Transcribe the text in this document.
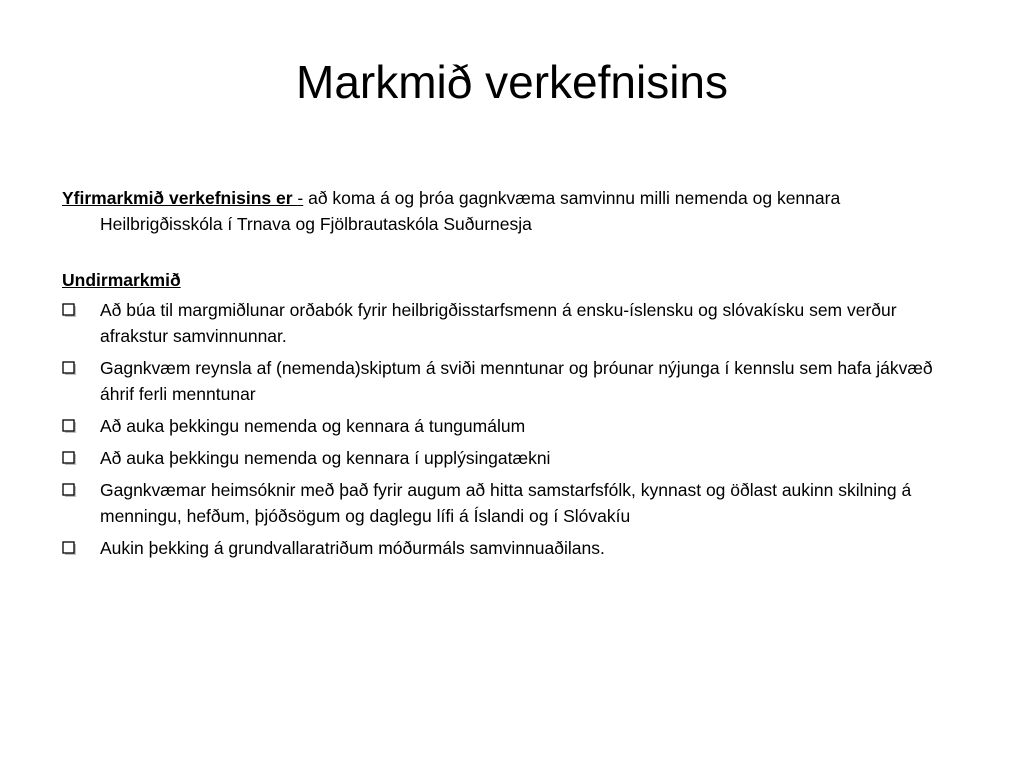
Markmið verkefnisins

Yfirmarkmið verkefnisins er - að koma á og þróa gagnkvæma samvinnu milli nemenda og kennara Heilbrigðisskóla í Trnava og Fjölbrautaskóla Suðurnesja

Undirmarkmið
Að búa til margmiðlunar orðabók fyrir heilbrigðisstarfsmenn á ensku-íslensku og slóvakísku sem verður afrakstur samvinnunnar.
Gagnkvæm reynsla af (nemenda)skiptum á sviði menntunar og þróunar nýjunga í kennslu sem hafa jákvæð áhrif ferli menntunar
Að auka þekkingu nemenda og kennara á tungumálum
Að auka þekkingu nemenda og kennara í upplýsingatækni
Gagnkvæmar heimsóknir með það fyrir augum að hitta samstarfsfólk, kynnast og öðlast aukinn skilning á menningu, hefðum, þjóðsögum og daglegu lífi á Íslandi og í Slóvakíu
Aukin þekking á grundvallaratriðum móðurmáls samvinnuaðilans.
